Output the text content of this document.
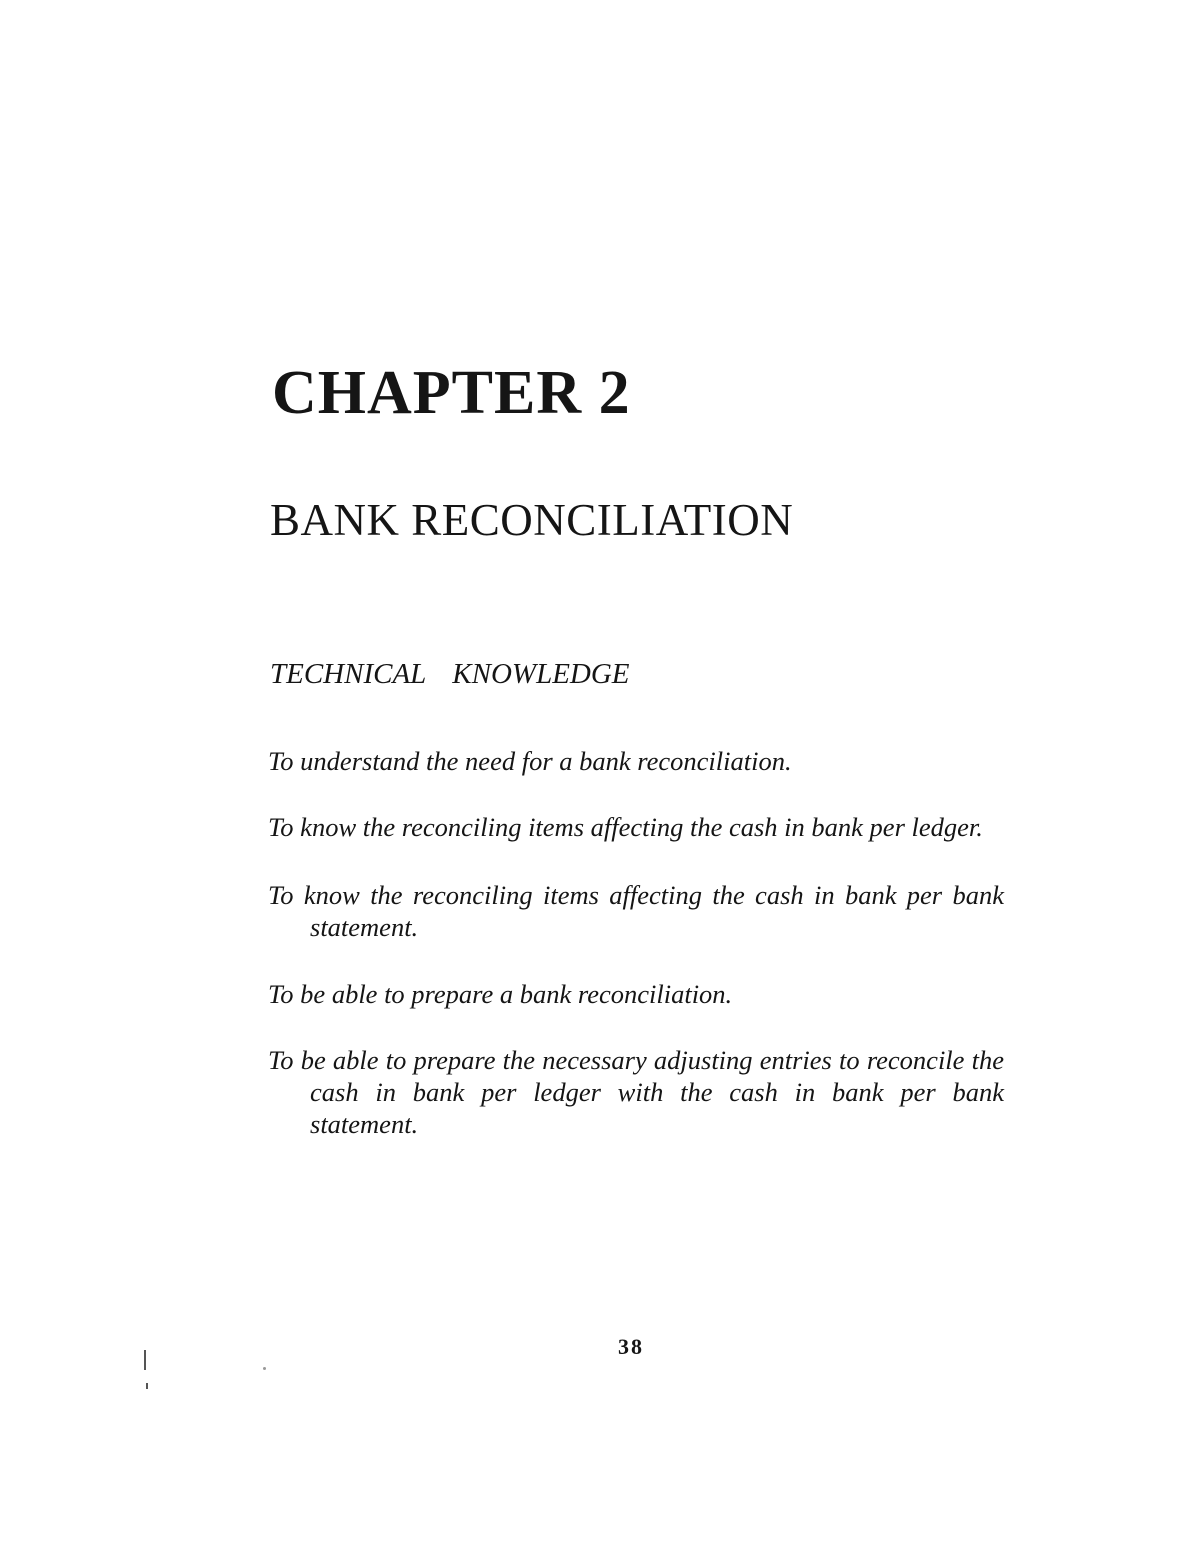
CHAPTER 2
BANK RECONCILIATION
TECHNICAL  KNOWLEDGE
To understand the need for a bank reconciliation.
To know the reconciling items affecting the cash in bank per ledger.
To know the reconciling items affecting the cash in bank per bank statement.
To be able to prepare a bank reconciliation.
To be able to prepare the necessary adjusting entries to reconcile the cash in bank per ledger with the cash in bank per bank statement.

38
